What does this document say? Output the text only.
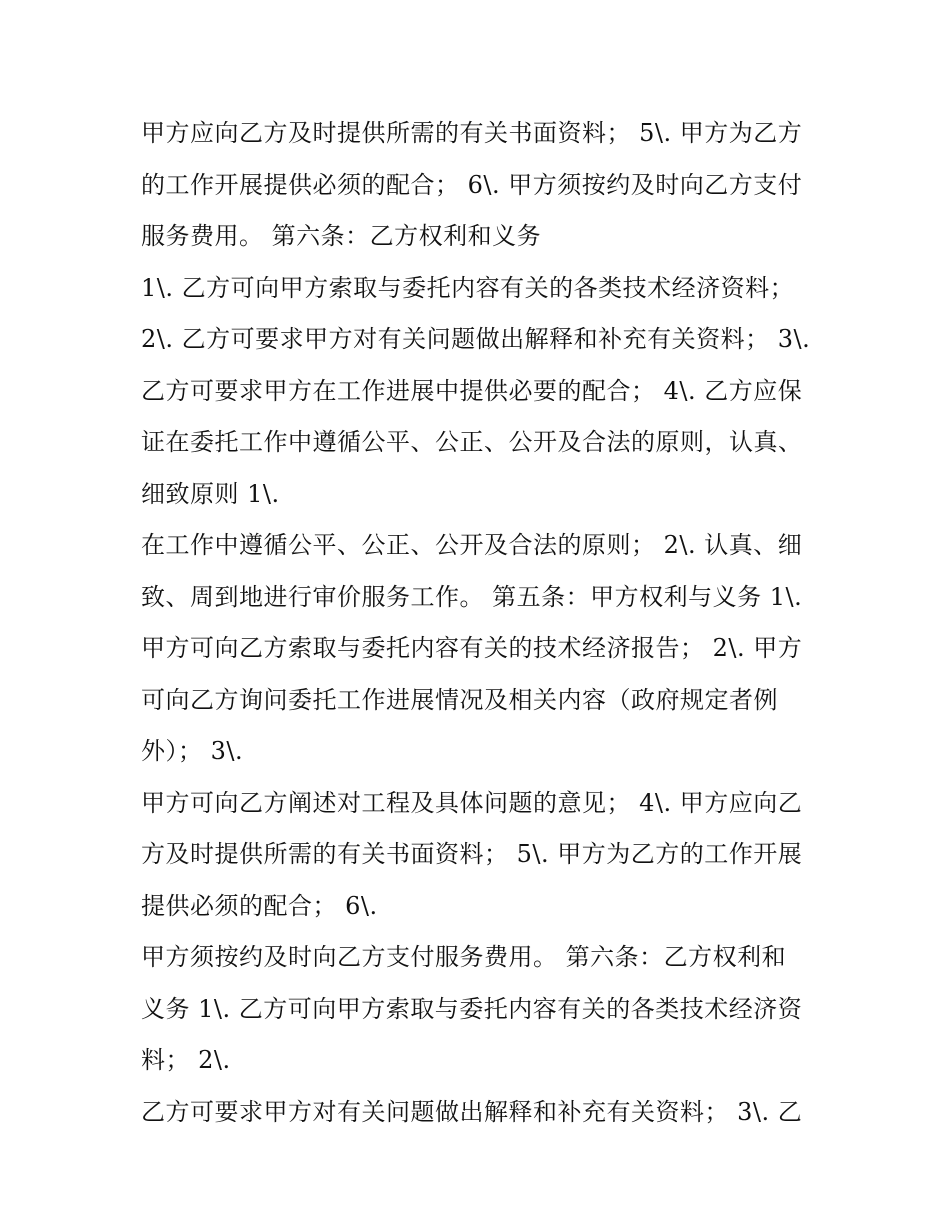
甲方应向乙方及时提供所需的有关书面资料； 5\. 甲方为乙方
的工作开展提供必须的配合； 6\. 甲方须按约及时向乙方支付
服务费用。 第六条：乙方权利和义务
1\. 乙方可向甲方索取与委托内容有关的各类技术经济资料；
2\. 乙方可要求甲方对有关问题做出解释和补充有关资料； 3\.
乙方可要求甲方在工作进展中提供必要的配合； 4\. 乙方应保
证在委托工作中遵循公平、公正、公开及合法的原则，认真、
细致原则 1\.
在工作中遵循公平、公正、公开及合法的原则； 2\. 认真、细
致、周到地进行审价服务工作。 第五条：甲方权利与义务 1\.
甲方可向乙方索取与委托内容有关的技术经济报告； 2\. 甲方
可向乙方询问委托工作进展情况及相关内容（政府规定者例
外）； 3\.
甲方可向乙方阐述对工程及具体问题的意见； 4\. 甲方应向乙
方及时提供所需的有关书面资料； 5\. 甲方为乙方的工作开展
提供必须的配合； 6\.
甲方须按约及时向乙方支付服务费用。 第六条：乙方权利和
义务 1\. 乙方可向甲方索取与委托内容有关的各类技术经济资
料； 2\.
乙方可要求甲方对有关问题做出解释和补充有关资料； 3\. 乙
